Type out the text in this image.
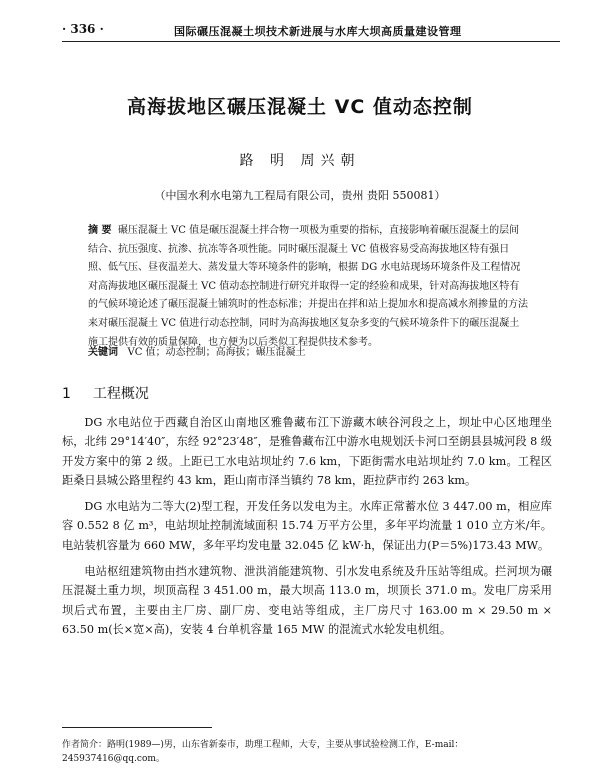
· 336 ·	国际碾压混凝土坝技术新进展与水库大坝高质量建设管理
高海拔地区碾压混凝土 VC 值动态控制
路 明 周兴朝
（中国水利水电第九工程局有限公司，贵州 贵阳 550081）

摘 要 碾压混凝土 VC 值是碾压混凝土拌合物一项极为重要的指标，直接影响着碾压混凝土的层间结合、抗压强度、抗渗、抗冻等各项性能。同时碾压混凝土 VC 值极容易受高海拔地区特有强日照、低气压、昼夜温差大、蒸发量大等环境条件的影响，根据 DG 水电站现场环境条件及工程情况对高海拔地区碾压混凝土 VC 值动态控制进行研究并取得一定的经验和成果，针对高海拔地区特有的气候环境论述了碾压混凝土铺筑时的性态标准；并提出在拌和站上提加水和提高减水剂掺量的方法来对碾压混凝土 VC 值进行动态控制，同时为高海拔地区复杂多变的气候环境条件下的碾压混凝土施工提供有效的质量保障，也方便为以后类似工程提供技术参考。

关键词 VC 值；动态控制；高海拔；碾压混凝土
1 工程概况

DG 水电站位于西藏自治区山南地区雅鲁藏布江下游藏木峡谷河段之上，坝址中心区地理坐标，北纬 29°14′40″，东经 92°23′48″，是雅鲁藏布江中游水电规划沃卡河口至朗县县城河段 8 级开发方案中的第 2 级。上距已工水电站坝址约 7.6 km，下距街需水电站坝址约 7.0 km。工程区距桑日县城公路里程约 43 km，距山南市泽当镇约 78 km，距拉萨市约 263 km。

DG 水电站为二等大(2)型工程，开发任务以发电为主。水库正常蓄水位 3 447.00 m，相应库容 0.552 8 亿 m³，电站坝址控制流域面积 15.74 万平方公里，多年平均流量 1 010 立方米/年。电站装机容量为 660 MW，多年平均发电量 32.045 亿 kW·h，保证出力(P＝5%)173.43 MW。

电站枢纽建筑物由挡水建筑物、泄洪消能建筑物、引水发电系统及升压站等组成。拦河坝为碾压混凝土重力坝，坝顶高程 3 451.00 m，最大坝高 113.0 m，坝顶长 371.0 m。发电厂房采用坝后式布置，主要由主厂房、副厂房、变电站等组成，主厂房尺寸 163.00 m × 29.50 m × 63.50 m(长×宽×高)，安装 4 台单机容量 165 MW 的混流式水轮发电机组。

作者简介：路明(1989—)男，山东省新泰市，助理工程师，大专，主要从事试验检测工作，E-mail：245937416@qq.com。
